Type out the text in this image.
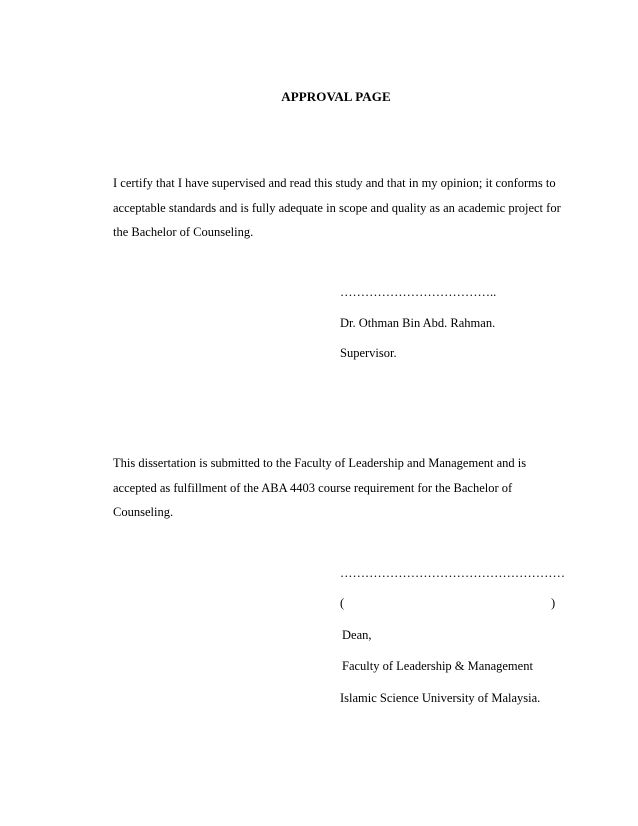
APPROVAL PAGE
I certify that I have supervised and read this study and that in my opinion; it conforms to
acceptable standards and is fully adequate in scope and quality as an academic project for
the Bachelor of Counseling.

………………………………..

Dr. Othman Bin Abd. Rahman.

Supervisor.

This dissertation is submitted to the Faculty of Leadership and Management and is
accepted as fulfillment of the ABA 4403 course requirement for the Bachelor of
Counseling.

………………………………………………

(	)

Dean,

Faculty of Leadership & Management

Islamic Science University of Malaysia.
